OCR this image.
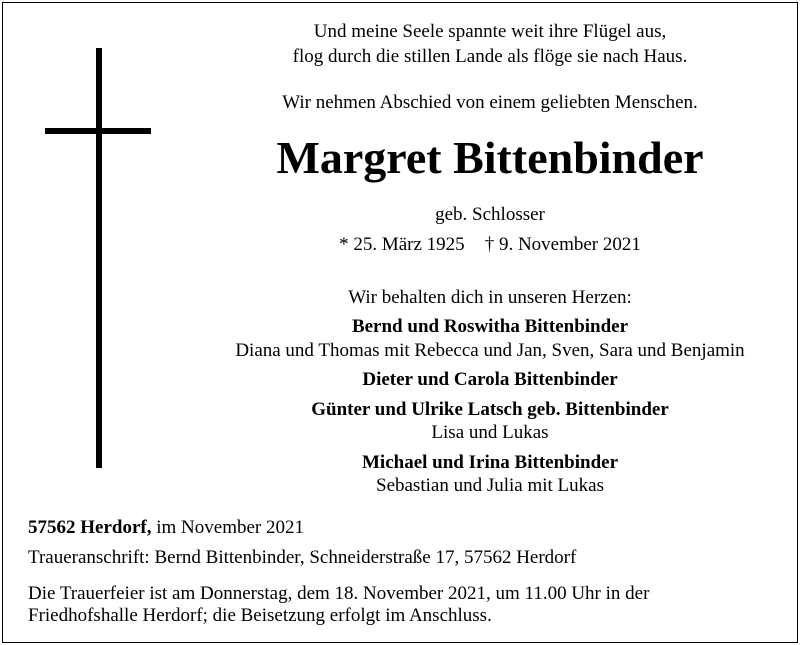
Und meine Seele spannte weit ihre Flügel aus,
flog durch die stillen Lande als flöge sie nach Haus.
Wir nehmen Abschied von einem geliebten Menschen.
Margret Bittenbinder
geb. Schlosser
* 25. März 1925 † 9. November 2021
Wir behalten dich in unseren Herzen:
Bernd und Roswitha Bittenbinder
Diana und Thomas mit Rebecca und Jan, Sven, Sara und Benjamin
Dieter und Carola Bittenbinder
Günter und Ulrike Latsch geb. Bittenbinder
Lisa und Lukas
Michael und Irina Bittenbinder
Sebastian und Julia mit Lukas
57562 Herdorf, im November 2021
Traueranschrift: Bernd Bittenbinder, Schneiderstraße 17, 57562 Herdorf
Die Trauerfeier ist am Donnerstag, dem 18. November 2021, um 11.00 Uhr in der
Friedhofshalle Herdorf; die Beisetzung erfolgt im Anschluss.
